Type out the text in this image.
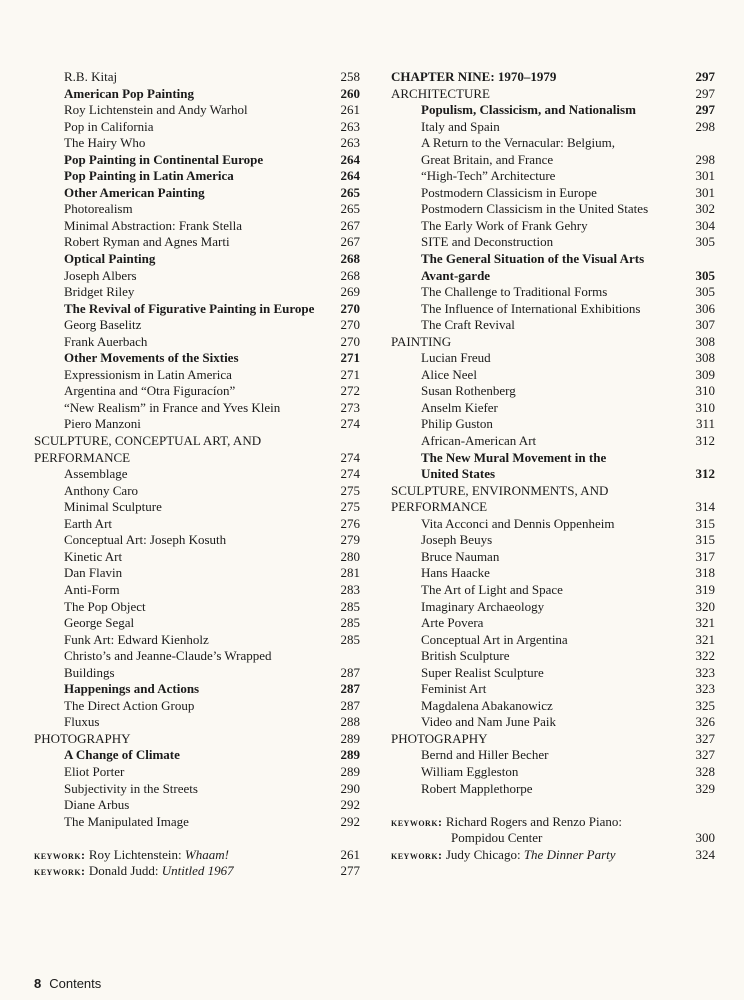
R.B. Kitaj	258
American Pop Painting	260
Roy Lichtenstein and Andy Warhol	261
Pop in California	263
The Hairy Who	263
Pop Painting in Continental Europe	264
Pop Painting in Latin America	264
Other American Painting	265
Photorealism	265
Minimal Abstraction: Frank Stella	267
Robert Ryman and Agnes Marti	267
Optical Painting	268
Joseph Albers	268
Bridget Riley	269
The Revival of Figurative Painting in Europe 270
Georg Baselitz	270
Frank Auerbach	270
Other Movements of the Sixties	271
Expressionism in Latin America	271
Argentina and “Otra Figuracíon”	272
“New Realism” in France and Yves Klein	273
Piero Manzoni	274
SCULPTURE, CONCEPTUAL ART, AND
PERFORMANCE	274
Assemblage	274
Anthony Caro	275
Minimal Sculpture	275
Earth Art	276
Conceptual Art: Joseph Kosuth	279
Kinetic Art	280
Dan Flavin	281
Anti-Form	283
The Pop Object	285
George Segal	285
Funk Art: Edward Kienholz	285
Christo’s and Jeanne-Claude’s Wrapped
Buildings	287
Happenings and Actions	287
The Direct Action Group	287
Fluxus	288
PHOTOGRAPHY	289
A Change of Climate	289
Eliot Porter	289
Subjectivity in the Streets	290
Diane Arbus	292
The Manipulated Image	292
keywork: Roy Lichtenstein: Whaam!	261
keywork: Donald Judd: Untitled 1967	277
CHAPTER NINE: 1970–1979	297
ARCHITECTURE	297
Populism, Classicism, and Nationalism	297
Italy and Spain	298
A Return to the Vernacular: Belgium,
Great Britain, and France	298
“High-Tech” Architecture	301
Postmodern Classicism in Europe	301
Postmodern Classicism in the United States	302
The Early Work of Frank Gehry	304
SITE and Deconstruction	305
The General Situation of the Visual Arts
Avant-garde	305
The Challenge to Traditional Forms	305
The Influence of International Exhibitions	306
The Craft Revival	307
PAINTING	308
Lucian Freud	308
Alice Neel	309
Susan Rothenberg	310
Anselm Kiefer	310
Philip Guston	311
African-American Art	312
The New Mural Movement in the
United States	312
SCULPTURE, ENVIRONMENTS, AND
PERFORMANCE	314
Vita Acconci and Dennis Oppenheim	315
Joseph Beuys	315
Bruce Nauman	317
Hans Haacke	318
The Art of Light and Space	319
Imaginary Archaeology	320
Arte Povera	321
Conceptual Art in Argentina	321
British Sculpture	322
Super Realist Sculpture	323
Feminist Art	323
Magdalena Abakanowicz	325
Video and Nam June Paik	326
PHOTOGRAPHY	327
Bernd and Hiller Becher	327
William Eggleston	328
Robert Mapplethorpe	329
keywork: Richard Rogers and Renzo Piano:
Pompidou Center	300
keywork: Judy Chicago: The Dinner Party	324
8 Contents
